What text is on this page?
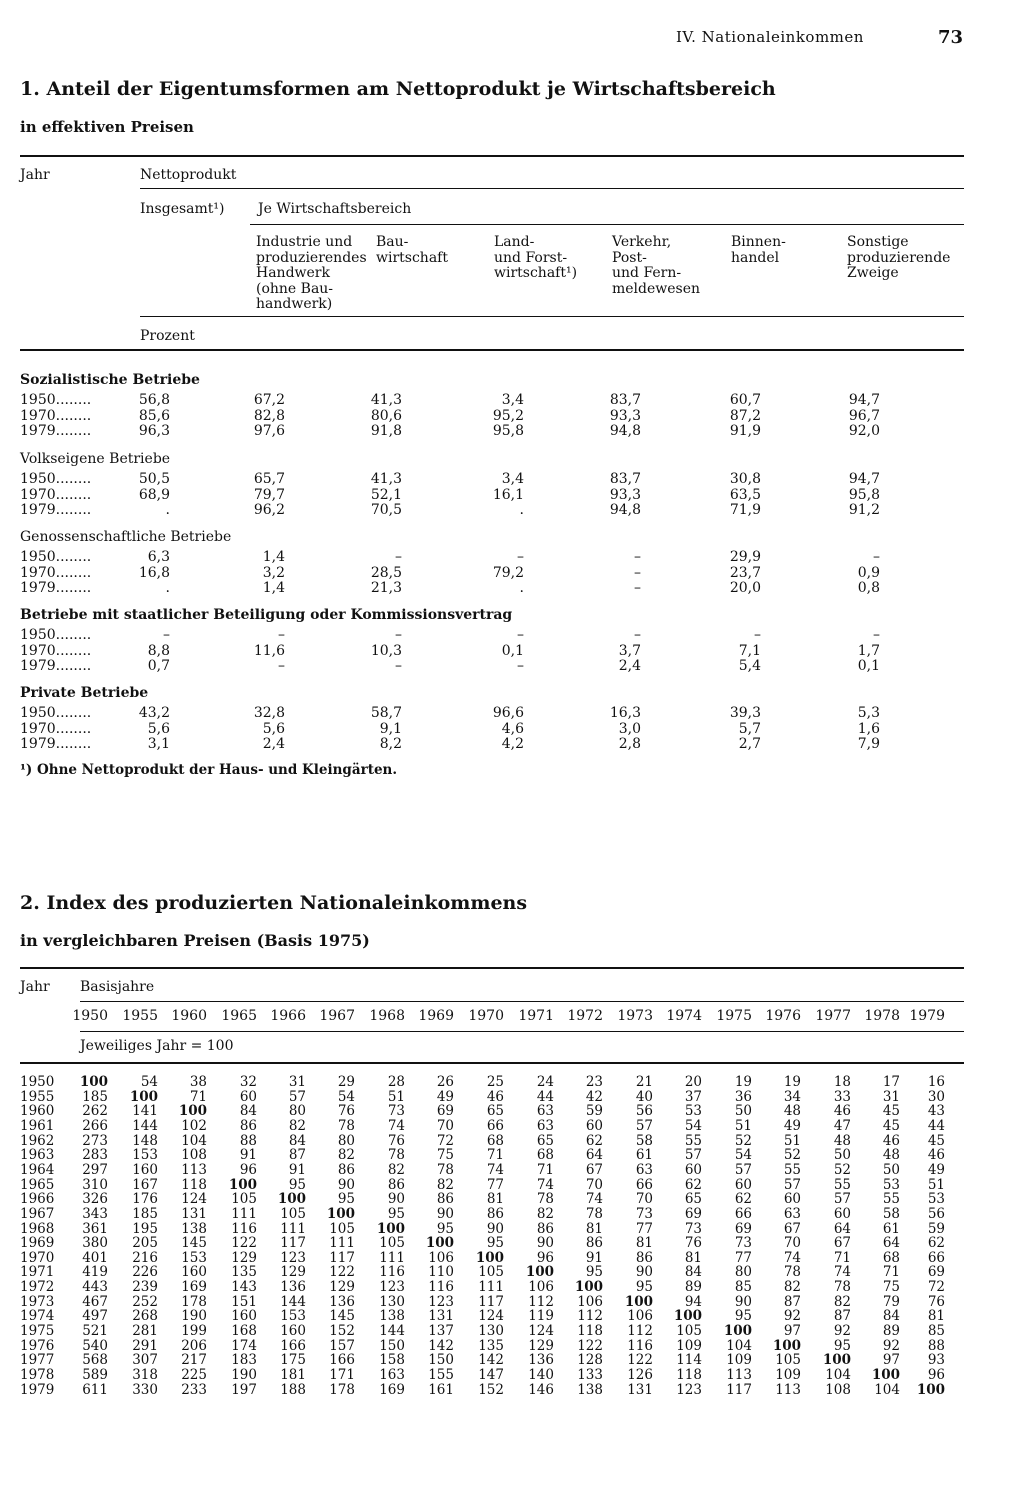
IV. Nationaleinkommen	73
1. Anteil der Eigentumsformen am Nettoprodukt je Wirtschaftsbereich
in effektiven Preisen
Jahr	Nettoprodukt
Insgesamt¹) Je Wirtschaftsbereich
Industrie und
produzierendes
Handwerk
(ohne Bau-
handwerk)
Bau-
wirtschaft
Land-
und Forst-
wirtschaft¹)
Verkehr,
Post-
und Fern-
meldewesen
Binnen-
handel
Sonstige
produzierende
Zweige
Prozent
Sozialistische Betriebe
1950........	56,8	67,2	41,3	3,4	83,7	60,7	94,7
1970........	85,6	82,8	80,6	95,2	93,3	87,2	96,7
1979........	96,3	97,6	91,8	95,8	94,8	91,9	92,0
Volkseigene Betriebe
1950........	50,5	65,7	41,3	3,4	83,7	30,8	94,7
1970........	68,9	79,7	52,1	16,1	93,3	63,5	95,8
1979........	.	96,2	70,5	.	94,8	71,9	91,2
Genossenschaftliche Betriebe
1950........	6,3	1,4	–	–	–	29,9	–
1970........	16,8	3,2	28,5	79,2	–	23,7	0,9
1979........	.	1,4	21,3	.	–	20,0	0,8
Betriebe mit staatlicher Beteiligung oder Kommissionsvertrag
1950........	–	–	–	–	–	–	–
1970........	8,8	11,6	10,3	0,1	3,7	7,1	1,7
1979........	0,7	–	–	–	2,4	5,4	0,1
Private Betriebe
1950........	43,2	32,8	58,7	96,6	16,3	39,3	5,3
1970........	5,6	5,6	9,1	4,6	3,0	5,7	1,6
1979........	3,1	2,4	8,2	4,2	2,8	2,7	7,9
¹) Ohne Nettoprodukt der Haus- und Kleingärten.
2. Index des produzierten Nationaleinkommens
in vergleichbaren Preisen (Basis 1975)
Jahr Basisjahre
1950	1955 1960	1965 1966 1967	1968 1969	1970	1971 1972	1973 1974	1975 1976	1977 1978 1979
Jeweiliges Jahr = 100
1950	100	54	38	32	31	29	28	26	25	24	23	21	20	19	19	18	17	16
1955	185	100	71	60	57	54	51	49	46	44	42	40	37	36	34	33	31	30
1960	262	141	100	84	80	76	73	69	65	63	59	56	53	50	48	46	45	43
1961	266	144	102	86	82	78	74	70	66	63	60	57	54	51	49	47	45	44
1962	273	148	104	88	84	80	76	72	68	65	62	58	55	52	51	48	46	45
1963	283	153	108	91	87	82	78	75	71	68	64	61	57	54	52	50	48	46
1964	297	160	113	96	91	86	82	78	74	71	67	63	60	57	55	52	50	49
1965	310	167	118	100	95	90	86	82	77	74	70	66	62	60	57	55	53	51
1966	326	176	124	105	100	95	90	86	81	78	74	70	65	62	60	57	55	53
1967	343	185	131	111	105	100	95	90	86	82	78	73	69	66	63	60	58	56
1968	361	195	138	116	111	105	100	95	90	86	81	77	73	69	67	64	61	59
1969	380	205	145	122	117	111	105	100	95	90	86	81	76	73	70	67	64	62
1970	401	216	153	129	123	117	111	106	100	96	91	86	81	77	74	71	68	66
1971	419	226	160	135	129	122	116	110	105	100	95	90	84	80	78	74	71	69
1972	443	239	169	143	136	129	123	116	111	106	100	95	89	85	82	78	75	72
1973	467	252	178	151	144	136	130	123	117	112	106	100	94	90	87	82	79	76
1974	497	268	190	160	153	145	138	131	124	119	112	106	100	95	92	87	84	81
1975	521	281	199	168	160	152	144	137	130	124	118	112	105	100	97	92	89	85
1976	540	291	206	174	166	157	150	142	135	129	122	116	109	104	100	95	92	88
1977	568	307	217	183	175	166	158	150	142	136	128	122	114	109	105	100	97	93
1978	589	318	225	190	181	171	163	155	147	140	133	126	118	113	109	104	100	96
1979	611	330	233	197	188	178	169	161	152	146	138	131	123	117	113	108	104	100
